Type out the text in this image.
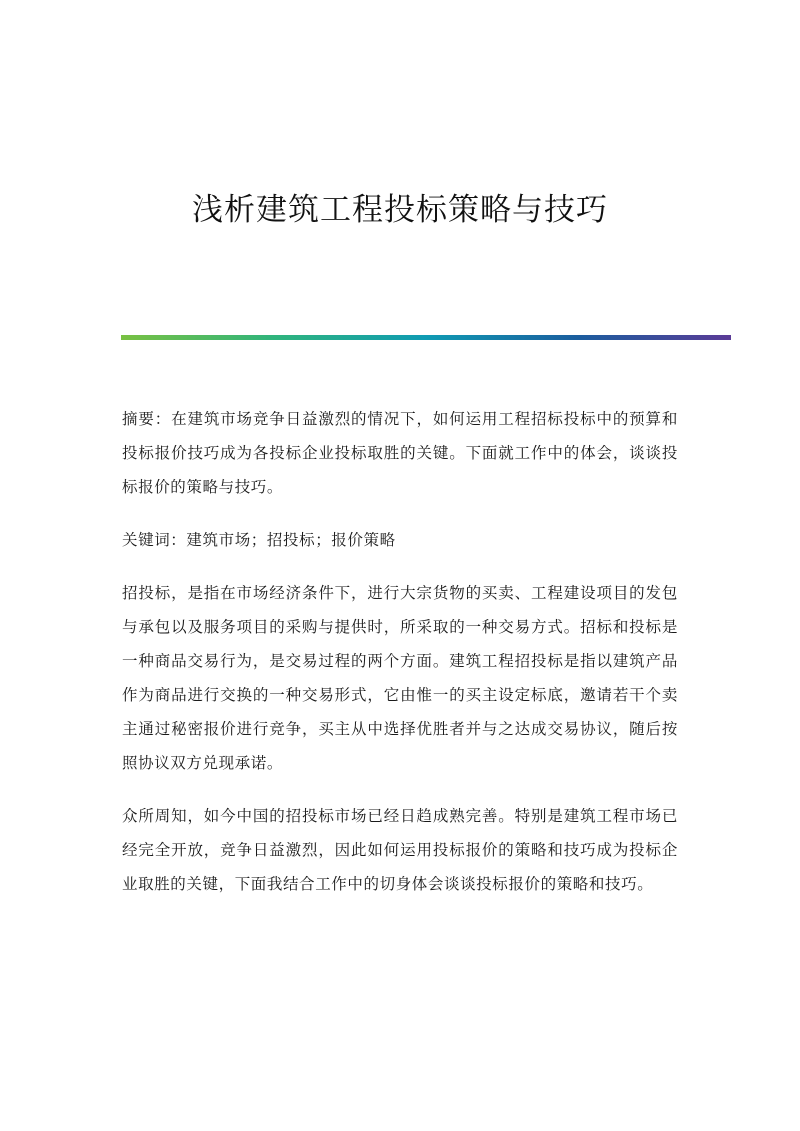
浅析建筑工程投标策略与技巧

摘要：在建筑市场竞争日益激烈的情况下，如何运用工程招标投标中的预算和投标报价技巧成为各投标企业投标取胜的关键。下面就工作中的体会，谈谈投标报价的策略与技巧。

关键词：建筑市场；招投标；报价策略

招投标，是指在市场经济条件下，进行大宗货物的买卖、工程建设项目的发包与承包以及服务项目的采购与提供时，所采取的一种交易方式。招标和投标是一种商品交易行为，是交易过程的两个方面。建筑工程招投标是指以建筑产品作为商品进行交换的一种交易形式，它由惟一的买主设定标底，邀请若干个卖主通过秘密报价进行竞争，买主从中选择优胜者并与之达成交易协议，随后按照协议双方兑现承诺。

众所周知，如今中国的招投标市场已经日趋成熟完善。特别是建筑工程市场已经完全开放，竞争日益激烈，因此如何运用投标报价的策略和技巧成为投标企业取胜的关键，下面我结合工作中的切身体会谈谈投标报价的策略和技巧。
